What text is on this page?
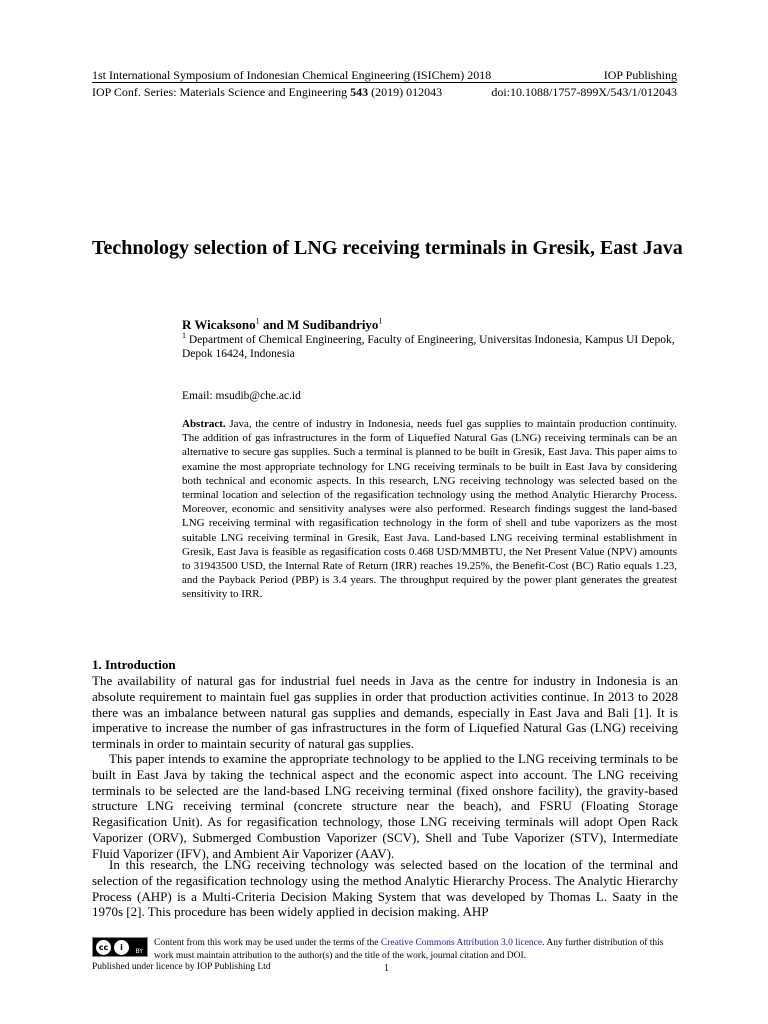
1st International Symposium of Indonesian Chemical Engineering (ISIChem) 2018	IOP Publishing
IOP Conf. Series: Materials Science and Engineering 543 (2019) 012043	doi:10.1088/1757-899X/543/1/012043
Technology selection of LNG receiving terminals in Gresik, East Java
R Wicaksono$^1$ and M Sudibandriyo$^1$
$^1$ Department of Chemical Engineering, Faculty of Engineering, Universitas Indonesia, Kampus UI Depok, Depok 16424, Indonesia
Email: msudib@che.ac.id
Abstract. Java, the centre of industry in Indonesia, needs fuel gas supplies to maintain production continuity. The addition of gas infrastructures in the form of Liquefied Natural Gas (LNG) receiving terminals can be an alternative to secure gas supplies. Such a terminal is planned to be built in Gresik, East Java. This paper aims to examine the most appropriate technology for LNG receiving terminals to be built in East Java by considering both technical and economic aspects. In this research, LNG receiving technology was selected based on the terminal location and selection of the regasification technology using the method Analytic Hierarchy Process. Moreover, economic and sensitivity analyses were also performed. Research findings suggest the land-based LNG receiving terminal with regasification technology in the form of shell and tube vaporizers as the most suitable LNG receiving terminal in Gresik, East Java. Land-based LNG receiving terminal establishment in Gresik, East Java is feasible as regasification costs 0.468 USD/MMBTU, the Net Present Value (NPV) amounts to 31943500 USD, the Internal Rate of Return (IRR) reaches 19.25%, the Benefit-Cost (BC) Ratio equals 1.23, and the Payback Period (PBP) is 3.4 years. The throughput required by the power plant generates the greatest sensitivity to IRR.
1. Introduction
The availability of natural gas for industrial fuel needs in Java as the centre for industry in Indonesia is an absolute requirement to maintain fuel gas supplies in order that production activities continue. In 2013 to 2028 there was an imbalance between natural gas supplies and demands, especially in East Java and Bali [1]. It is imperative to increase the number of gas infrastructures in the form of Liquefied Natural Gas (LNG) receiving terminals in order to maintain security of natural gas supplies.
This paper intends to examine the appropriate technology to be applied to the LNG receiving terminals to be built in East Java by taking the technical aspect and the economic aspect into account. The LNG receiving terminals to be selected are the land-based LNG receiving terminal (fixed onshore facility), the gravity-based structure LNG receiving terminal (concrete structure near the beach), and FSRU (Floating Storage Regasification Unit). As for regasification technology, those LNG receiving terminals will adopt Open Rack Vaporizer (ORV), Submerged Combustion Vaporizer (SCV), Shell and Tube Vaporizer (STV), Intermediate Fluid Vaporizer (IFV), and Ambient Air Vaporizer (AAV).
In this research, the LNG receiving technology was selected based on the location of the terminal and selection of the regasification technology using the method Analytic Hierarchy Process. The Analytic Hierarchy Process (AHP) is a Multi-Criteria Decision Making System that was developed by Thomas L. Saaty in the 1970s [2]. This procedure has been widely applied in decision making. AHP
cc	i	BY
Content from this work may be used under the terms of the Creative Commons Attribution 3.0 licence. Any further distribution of this work must maintain attribution to the author(s) and the title of the work, journal citation and DOI.
Published under licence by IOP Publishing Ltd	1
